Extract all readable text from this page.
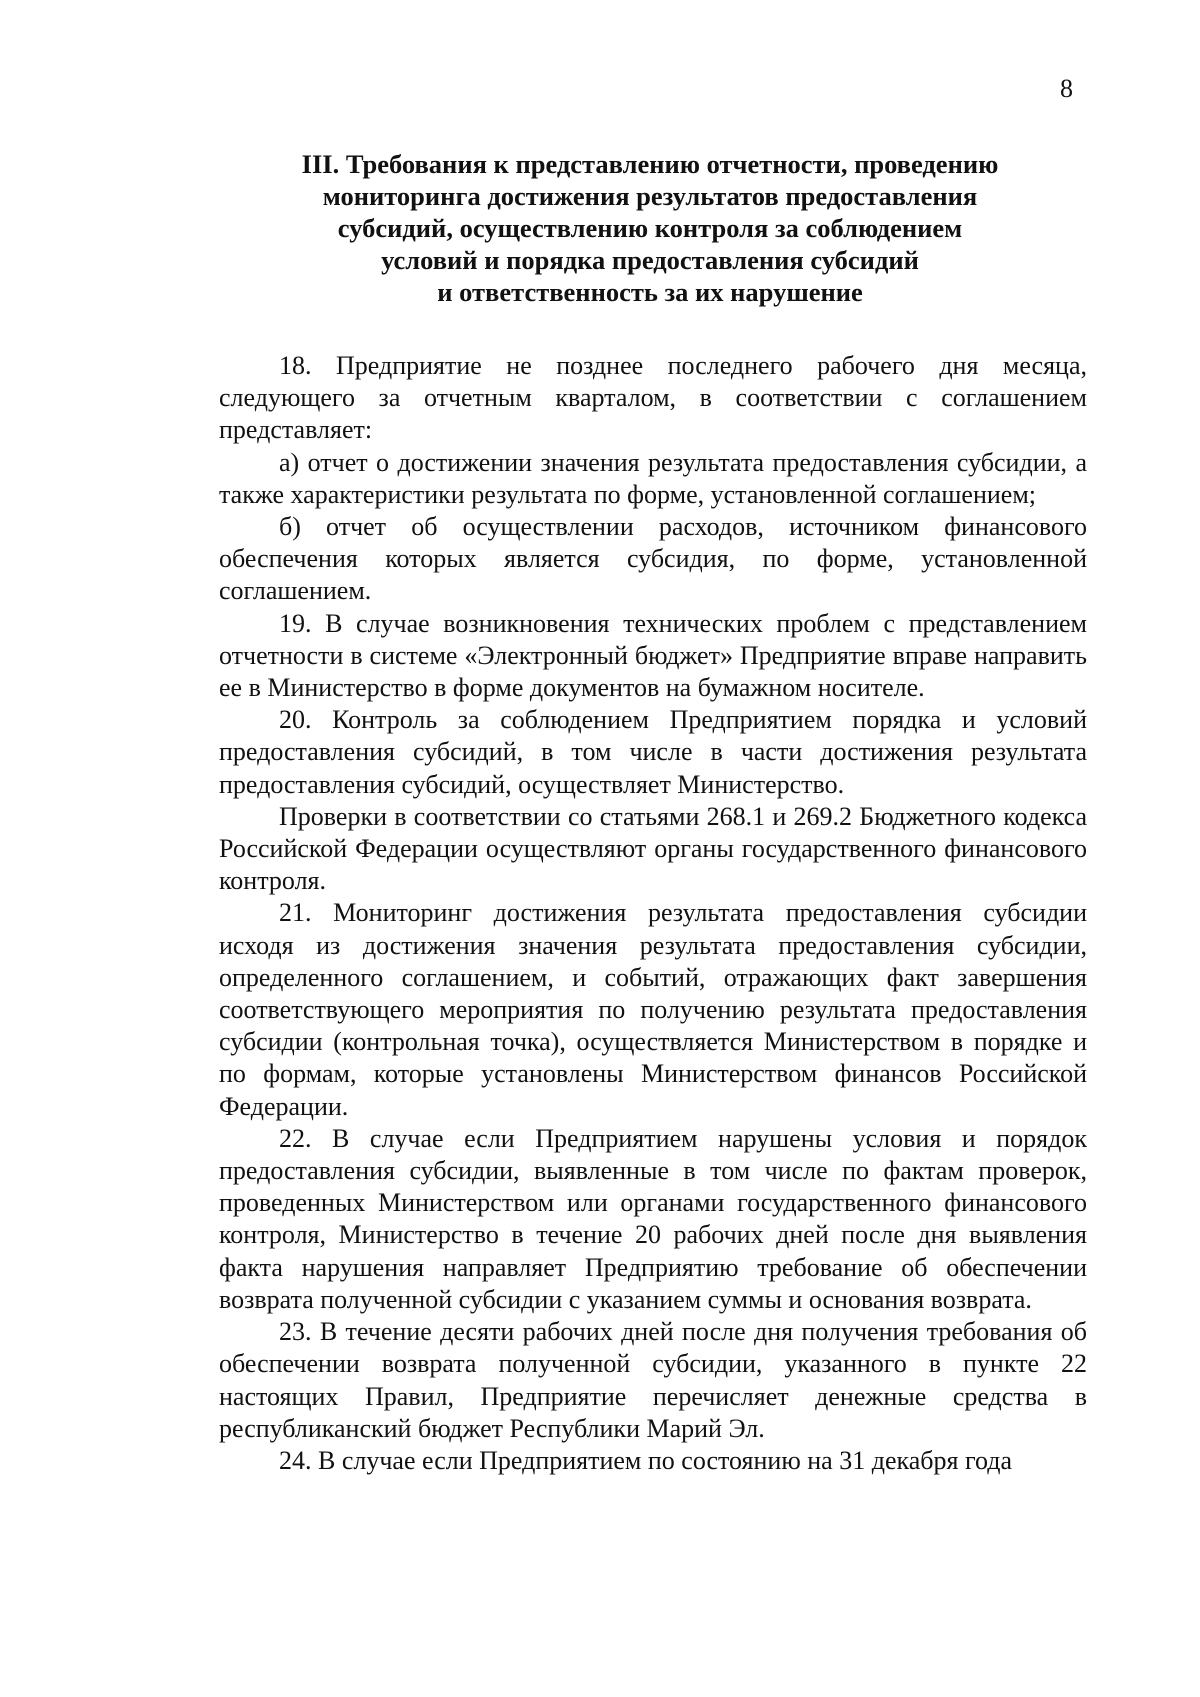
8
III. Требования к представлению отчетности, проведению
мониторинга достижения результатов предоставления
субсидий, осуществлению контроля за соблюдением
условий и порядка предоставления субсидий
и ответственность за их нарушение

18. Предприятие не позднее последнего рабочего дня месяца, следующего за отчетным кварталом, в соответствии с соглашением представляет:

а) отчет о достижении значения результата предоставления субсидии, а также характеристики результата по форме, установленной соглашением;

б) отчет об осуществлении расходов, источником финансового обеспечения которых является субсидия, по форме, установленной соглашением.

19. В случае возникновения технических проблем с представлением отчетности в системе «Электронный бюджет» Предприятие вправе направить ее в Министерство в форме документов на бумажном носителе.

20. Контроль за соблюдением Предприятием порядка и условий предоставления субсидий, в том числе в части достижения результата предоставления субсидий, осуществляет Министерство.

Проверки в соответствии со статьями 268.1 и 269.2 Бюджетного кодекса Российской Федерации осуществляют органы государственного финансового контроля.

21. Мониторинг достижения результата предоставления субсидии исходя из достижения значения результата предоставления субсидии, определенного соглашением, и событий, отражающих факт завершения соответствующего мероприятия по получению результата предоставления субсидии (контрольная точка), осуществляется Министерством в порядке и по формам, которые установлены Министерством финансов Российской Федерации.

22. В случае если Предприятием нарушены условия и порядок предоставления субсидии, выявленные в том числе по фактам проверок, проведенных Министерством или органами государственного финансового контроля, Министерство в течение 20 рабочих дней после дня выявления факта нарушения направляет Предприятию требование об обеспечении возврата полученной субсидии с указанием суммы и основания возврата.

23. В течение десяти рабочих дней после дня получения требования об обеспечении возврата полученной субсидии, указанного в пункте 22 настоящих Правил, Предприятие перечисляет денежные средства в республиканский бюджет Республики Марий Эл.

24. В случае если Предприятием по состоянию на 31 декабря года
